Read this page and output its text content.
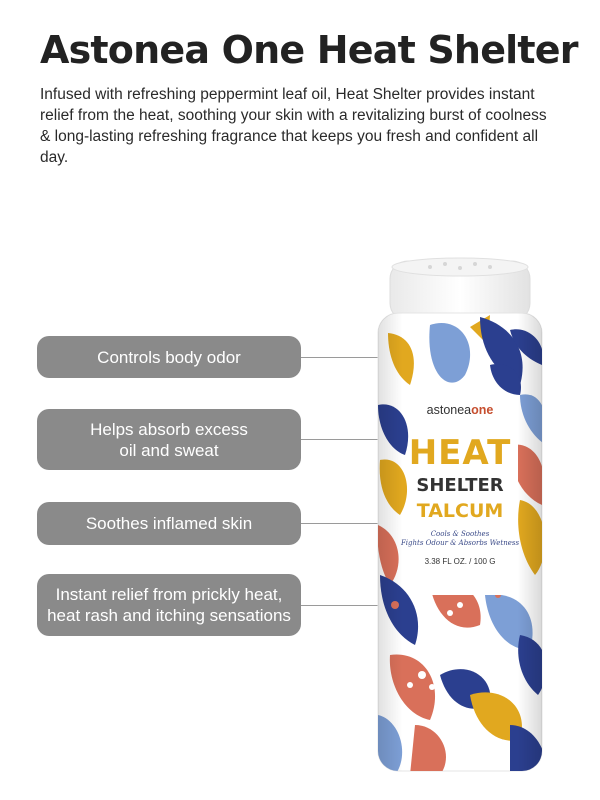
Astonea One Heat Shelter
Infused with refreshing peppermint leaf oil, Heat Shelter provides instant relief from the heat, soothing your skin with a revitalizing burst of coolness & long-lasting refreshing fragrance that keeps you fresh and confident all day.
Controls body odor
Helps absorb excess
oil and sweat
Soothes inflamed skin
Instant relief from prickly heat,
heat rash and itching sensations
astoneaone
HEAT
SHELTER
TALCUM
Cools & Soothes
Fights Odour & Absorbs Wetness
3.38 FL OZ. / 100 G
